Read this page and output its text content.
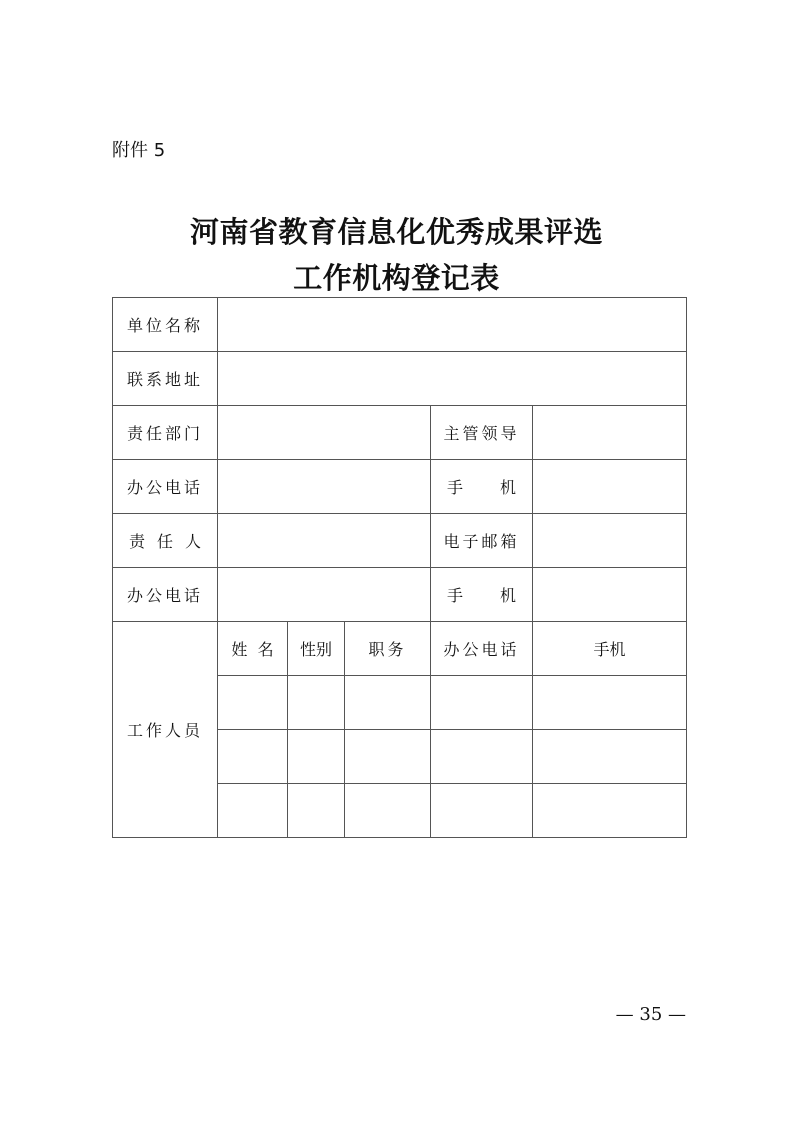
附件 5
河南省教育信息化优秀成果评选
工作机构登记表
单位名称					
联系地址					
责任部门				主管领导	
办公电话				手 机	

责 任 人				电子邮箱	
办公电话				手 机	

工作人员	姓 名	性别	职务	办公电话	手机

— 35 —
